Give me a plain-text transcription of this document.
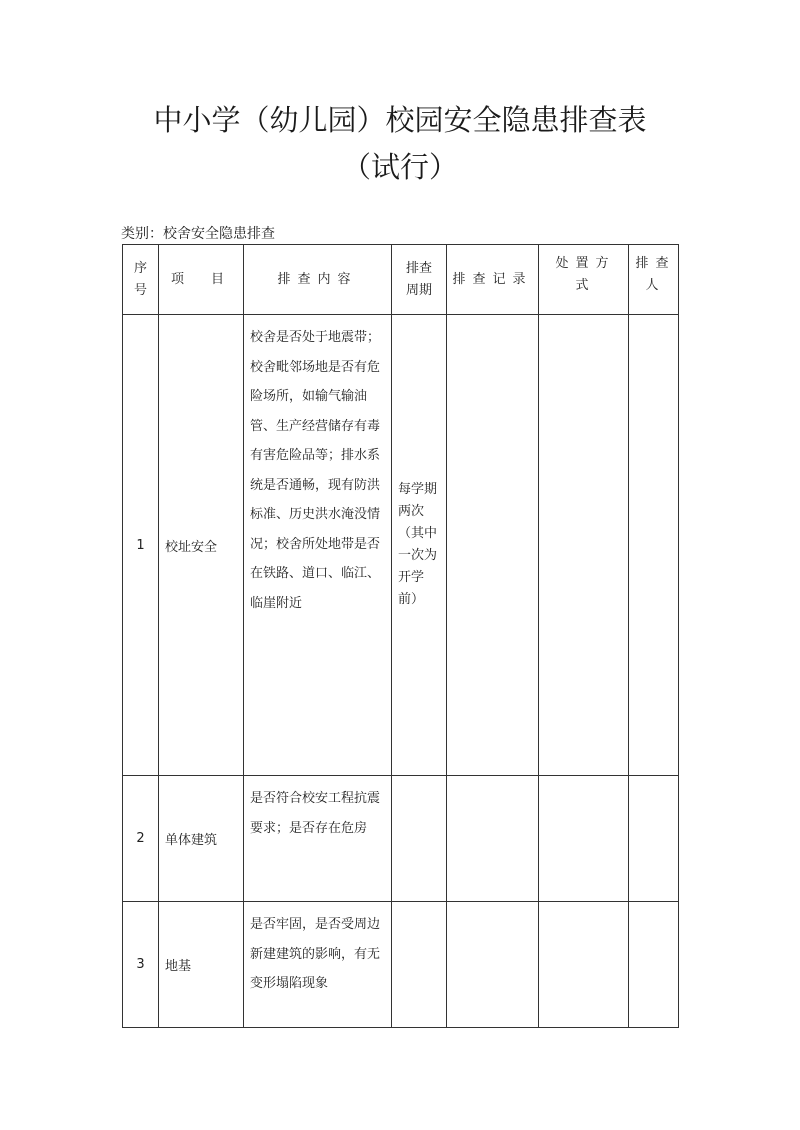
中小学（幼儿园）校园安全隐患排查表
（试行）
类别：校舍安全隐患排查
序号	项　目	排查内容	排查周期	排查记录	处置方式	排查人
1	校址安全	校舍是否处于地震带；校舍毗邻场地是否有危险场所，如输气输油管、生产经营储存有毒有害危险品等；排水系统是否通畅，现有防洪标准、历史洪水淹没情况；校舍所处地带是否在铁路、道口、临江、临崖附近	每学期两次（其中一次为开学前）			
2	单体建筑	是否符合校安工程抗震要求；是否存在危房				
3	地基	是否牢固，是否受周边新建建筑的影响，有无变形塌陷现象				
